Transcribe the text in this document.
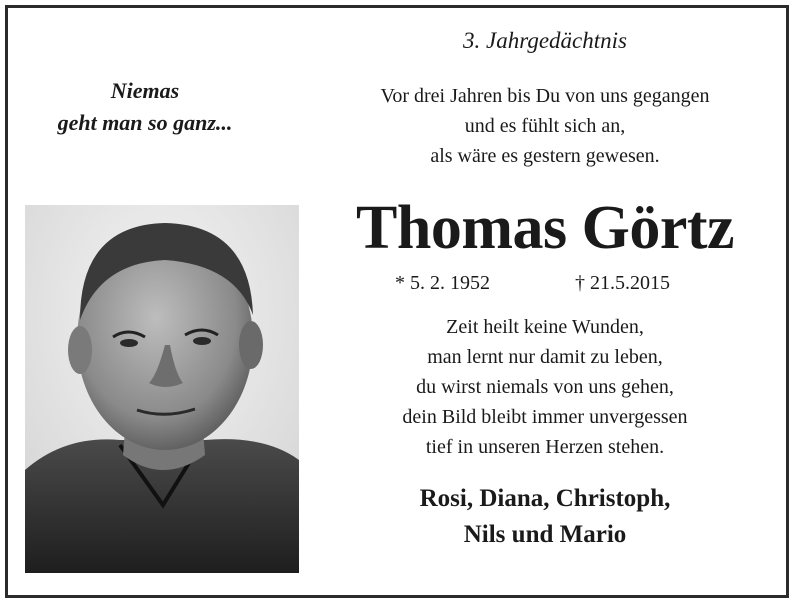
Niemas
geht man so ganz...
3. Jahrgedächtnis
Vor drei Jahren bis Du von uns gegangen
und es fühlt sich an,
als wäre es gestern gewesen.
Thomas Görtz
* 5. 2. 1952	† 21.5.2015
Zeit heilt keine Wunden,
man lernt nur damit zu leben,
du wirst niemals von uns gehen,
dein Bild bleibt immer unvergessen
tief in unseren Herzen stehen.
Rosi, Diana, Christoph,
Nils und Mario
